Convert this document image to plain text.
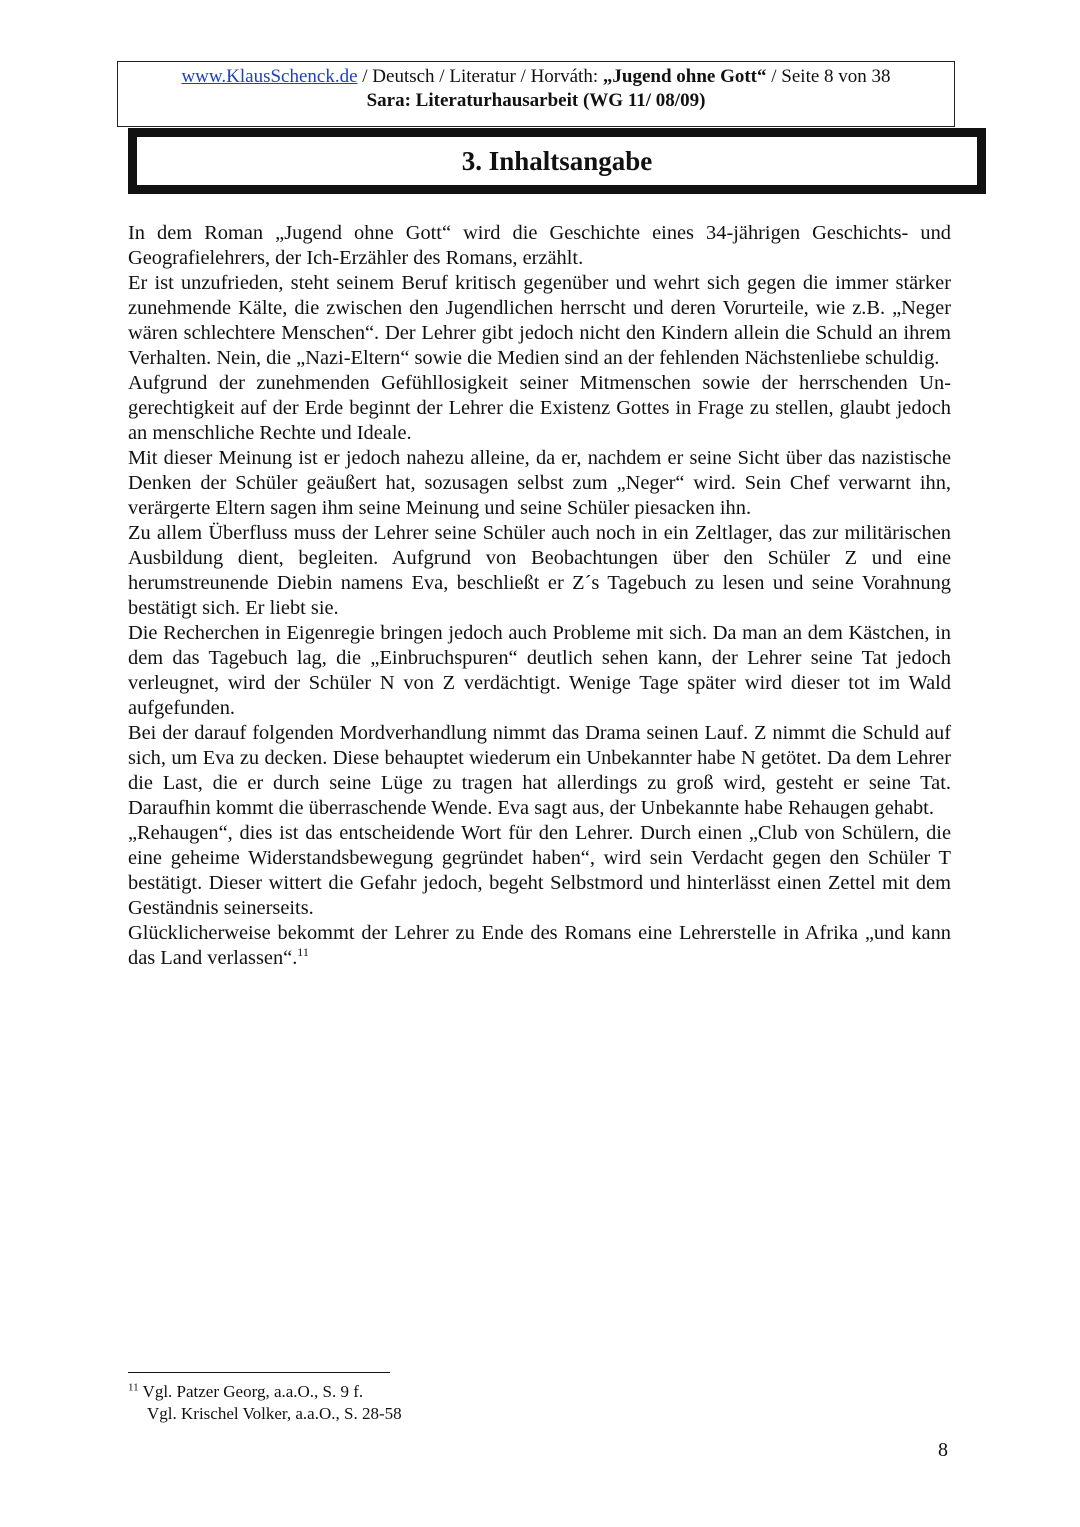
www.KlausSchenck.de / Deutsch / Literatur / Horváth: „Jugend ohne Gott“ / Seite 8 von 38
Sara: Literaturhausarbeit (WG 11/ 08/09)
3. Inhaltsangabe

In dem Roman „Jugend ohne Gott“ wird die Geschichte eines 34-jährigen Geschichts- und Geografielehrers, der Ich-Erzähler des Romans, erzählt.

Er ist unzufrieden, steht seinem Beruf kritisch gegenüber und wehrt sich gegen die immer stärker zunehmende Kälte, die zwischen den Jugendlichen herrscht und deren Vorurteile, wie z.B. „Neger wären schlechtere Menschen“. Der Lehrer gibt jedoch nicht den Kindern allein die Schuld an ihrem Verhalten. Nein, die „Nazi-Eltern“ sowie die Medien sind an der fehlenden Nächstenliebe schuldig.

Aufgrund der zunehmenden Gefühllosigkeit seiner Mitmenschen sowie der herrschenden Ungerechtigkeit auf der Erde beginnt der Lehrer die Existenz Gottes in Frage zu stellen, glaubt jedoch an menschliche Rechte und Ideale.

Mit dieser Meinung ist er jedoch nahezu alleine, da er, nachdem er seine Sicht über das nazistische Denken der Schüler geäußert hat, sozusagen selbst zum „Neger“ wird. Sein Chef verwarnt ihn, verärgerte Eltern sagen ihm seine Meinung und seine Schüler piesacken ihn.

Zu allem Überfluss muss der Lehrer seine Schüler auch noch in ein Zeltlager, das zur militärischen Ausbildung dient, begleiten. Aufgrund von Beobachtungen über den Schüler Z und eine herumstreunende Diebin namens Eva, beschließt er Z´s Tagebuch zu lesen und seine Vorahnung bestätigt sich. Er liebt sie.

Die Recherchen in Eigenregie bringen jedoch auch Probleme mit sich. Da man an dem Kästchen, in dem das Tagebuch lag, die „Einbruchspuren“ deutlich sehen kann, der Lehrer seine Tat jedoch verleugnet, wird der Schüler N von Z verdächtigt. Wenige Tage später wird dieser tot im Wald aufgefunden.

Bei der darauf folgenden Mordverhandlung nimmt das Drama seinen Lauf. Z nimmt die Schuld auf sich, um Eva zu decken. Diese behauptet wiederum ein Unbekannter habe N getötet. Da dem Lehrer die Last, die er durch seine Lüge zu tragen hat allerdings zu groß wird, gesteht er seine Tat. Daraufhin kommt die überraschende Wende. Eva sagt aus, der Unbekannte habe Rehaugen gehabt.

„Rehaugen“, dies ist das entscheidende Wort für den Lehrer. Durch einen „Club von Schülern, die eine geheime Widerstandsbewegung gegründet haben“, wird sein Verdacht gegen den Schüler T bestätigt. Dieser wittert die Gefahr jedoch, begeht Selbstmord und hinterlässt einen Zettel mit dem Geständnis seinerseits.

Glücklicherweise bekommt der Lehrer zu Ende des Romans eine Lehrerstelle in Afrika „und kann das Land verlassen“.$^{11}$

$^{11}$ Vgl. Patzer Georg, a.a.O., S. 9 f.
Vgl. Krischel Volker, a.a.O., S. 28-58
8
